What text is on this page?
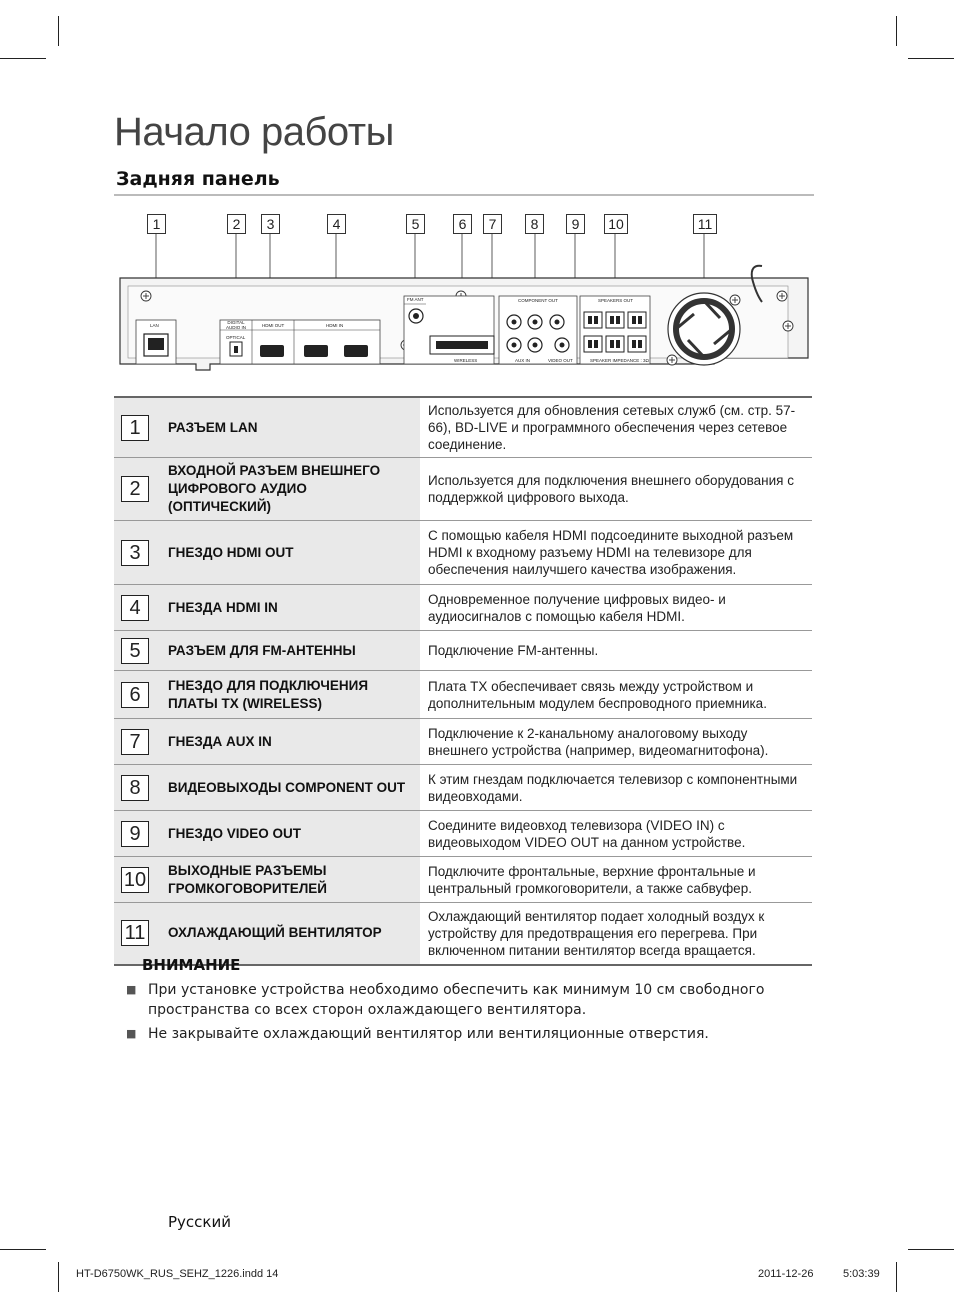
Начало работы
Задняя панель
1	2	3	4	5	6	7	8	9	10	11
LAN
DIGITAL AUDIO IN
OPTICAL
HDMI OUT	HDMI IN
FM ANT
WIRELESS
COMPONENT OUT
AUX IN	VIDEO OUT
SPEAKERS OUT
SPEAKER IMPEDANCE : 3Ω
1	РАЗЪЕМ LAN	Используется для обновления сетевых служб (см. стр. 57-66), BD-LIVE и программного обеспечения через сетевое соединение.
2	ВХОДНОЙ РАЗЪЕМ ВНЕШНЕГО ЦИФРОВОГО АУДИО (ОПТИЧЕСКИЙ)	Используется для подключения внешнего оборудования с поддержкой цифрового выхода.
3	ГНЕЗДО HDMI OUT	С помощью кабеля HDMI подсоедините выходной разъем HDMI к входному разъему HDMI на телевизоре для обеспечения наилучшего качества изображения.
4	ГНЕЗДА HDMI IN	Одновременное получение цифровых видео- и аудиосигналов с помощью кабеля HDMI.
5	РАЗЪЕМ ДЛЯ FM-АНТЕННЫ	Подключение FM-антенны.
6	ГНЕЗДО ДЛЯ ПОДКЛЮЧЕНИЯ ПЛАТЫ TX (WIRELESS)	Плата TX обеспечивает связь между устройством и дополнительным модулем беспроводного приемника.
7	ГНЕЗДА AUX IN	Подключение к 2-канальному аналоговому выходу внешнего устройства (например, видеомагнитофона).
8	ВИДЕОВЫХОДЫ COMPONENT OUT	К этим гнездам подключается телевизор с компонентными видеовходами.
9	ГНЕЗДО VIDEO OUT	Соедините видеовход телевизора (VIDEO IN) с видеовыходом VIDEO OUT на данном устройстве.
10	ВЫХОДНЫЕ РАЗЪЕМЫ ГРОМКОГОВОРИТЕЛЕЙ	Подключите фронтальные, верхние фронтальные и центральный громкоговорители, а также сабвуфер.
11	ОХЛАЖДАЮЩИЙ ВЕНТИЛЯТОР	Охлаждающий вентилятор подает холодный воздух к устройству для предотвращения его перегрева. При включенном питании вентилятор всегда вращается.
ВНИМАНИЕ
■ При установке устройства необходимо обеспечить как минимум 10 см свободного пространства со всех сторон охлаждающего вентилятора.
■ Не закрывайте охлаждающий вентилятор или вентиляционные отверстия.
Русский
HT-D6750WK_RUS_SEHZ_1226.indd 14	2011-12-26	5:03:39
